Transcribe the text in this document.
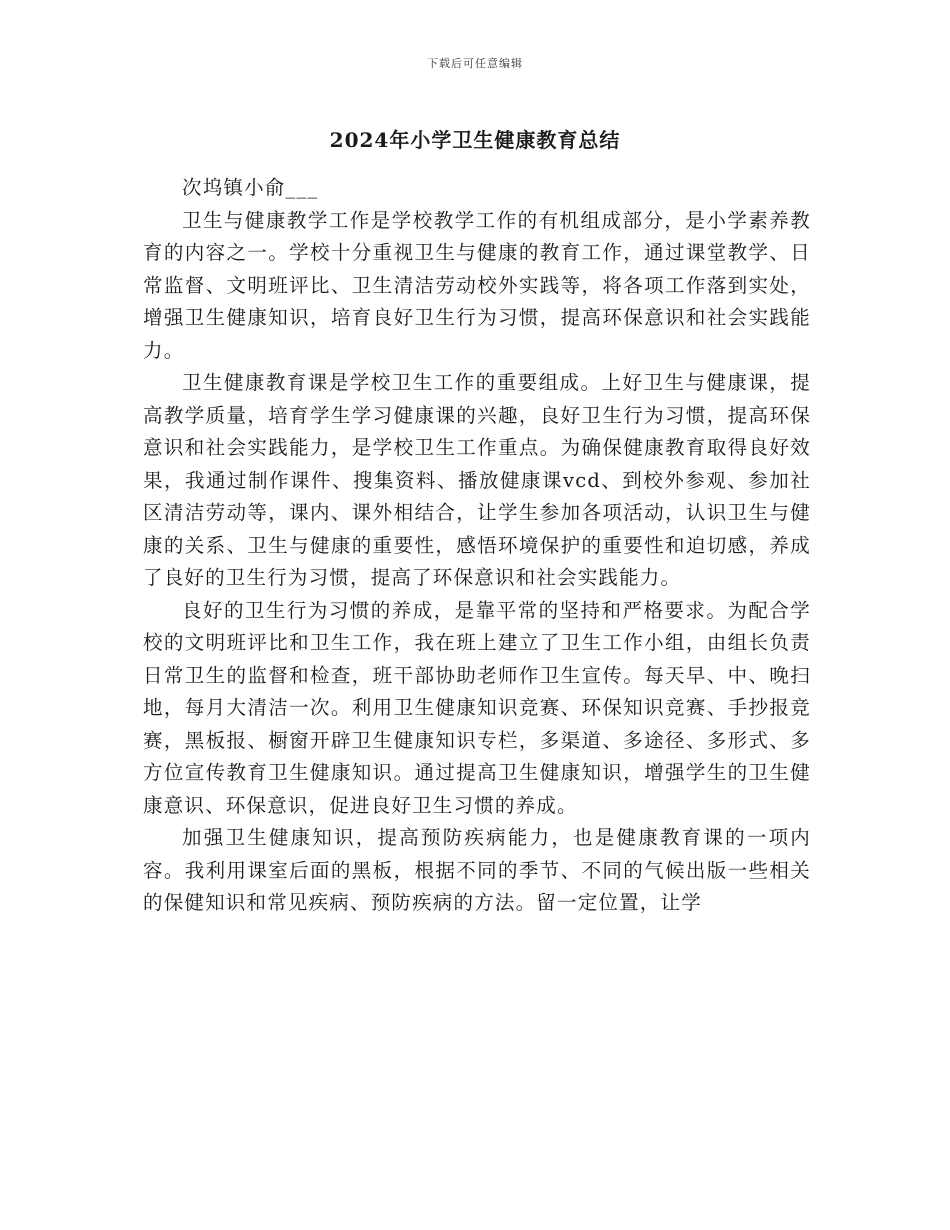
下载后可任意编辑
2024年小学卫生健康教育总结

次坞镇小俞___

卫生与健康教学工作是学校教学工作的有机组成部分，是小学素养教育的内容之一。学校十分重视卫生与健康的教育工作，通过课堂教学、日常监督、文明班评比、卫生清洁劳动校外实践等，将各项工作落到实处，增强卫生健康知识，培育良好卫生行为习惯，提高环保意识和社会实践能力。

卫生健康教育课是学校卫生工作的重要组成。上好卫生与健康课，提高教学质量，培育学生学习健康课的兴趣，良好卫生行为习惯，提高环保意识和社会实践能力，是学校卫生工作重点。为确保健康教育取得良好效果，我通过制作课件、搜集资料、播放健康课vcd、到校外参观、参加社区清洁劳动等，课内、课外相结合，让学生参加各项活动，认识卫生与健康的关系、卫生与健康的重要性，感悟环境保护的重要性和迫切感，养成了良好的卫生行为习惯，提高了环保意识和社会实践能力。

良好的卫生行为习惯的养成，是靠平常的坚持和严格要求。为配合学校的文明班评比和卫生工作，我在班上建立了卫生工作小组，由组长负责日常卫生的监督和检查，班干部协助老师作卫生宣传。每天早、中、晚扫地，每月大清洁一次。利用卫生健康知识竞赛、环保知识竞赛、手抄报竞赛，黑板报、橱窗开辟卫生健康知识专栏，多渠道、多途径、多形式、多方位宣传教育卫生健康知识。通过提高卫生健康知识，增强学生的卫生健康意识、环保意识，促进良好卫生习惯的养成。

加强卫生健康知识，提高预防疾病能力，也是健康教育课的一项内容。我利用课室后面的黑板，根据不同的季节、不同的气候出版一些相关的保健知识和常见疾病、预防疾病的方法。留一定位置，让学
